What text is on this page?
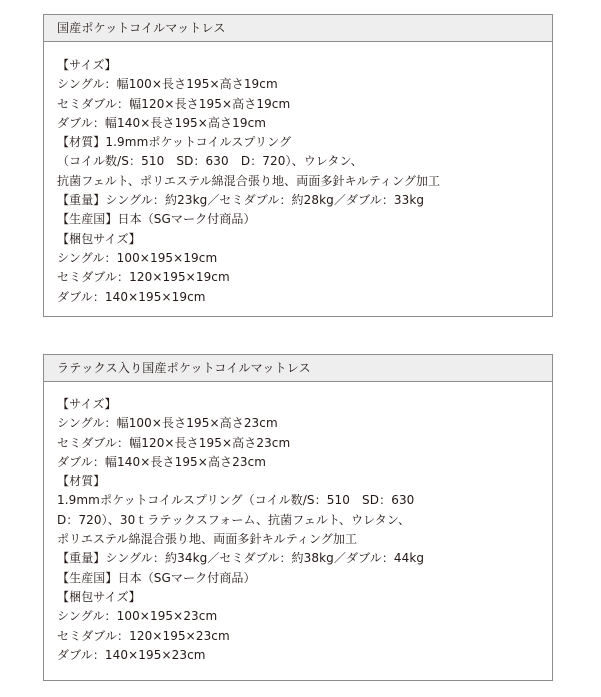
国産ポケットコイルマットレス
【サイズ】
シングル：幅100×長さ195×高さ19cm
セミダブル：幅120×長さ195×高さ19cm
ダブル：幅140×長さ195×高さ19cm
【材質】1.9mmポケットコイルスプリング
（コイル数/S：510　SD：630　D：720）、ウレタン、
抗菌フェルト、ポリエステル綿混合張り地、両面多針キルティング加工
【重量】シングル：約23kg／セミダブル：約28kg／ダブル：33kg
【生産国】日本（SGマーク付商品）
【梱包サイズ】
シングル：100×195×19cm
セミダブル：120×195×19cm
ダブル：140×195×19cm
ラテックス入り国産ポケットコイルマットレス
【サイズ】
シングル：幅100×長さ195×高さ23cm
セミダブル：幅120×長さ195×高さ23cm
ダブル：幅140×長さ195×高さ23cm
【材質】
1.9mmポケットコイルスプリング（コイル数/S：510　SD：630
D：720）、30ｔラテックスフォーム、抗菌フェルト、ウレタン、
ポリエステル綿混合張り地、両面多針キルティング加工
【重量】シングル：約34kg／セミダブル：約38kg／ダブル：44kg
【生産国】日本（SGマーク付商品）
【梱包サイズ】
シングル：100×195×23cm
セミダブル：120×195×23cm
ダブル：140×195×23cm
